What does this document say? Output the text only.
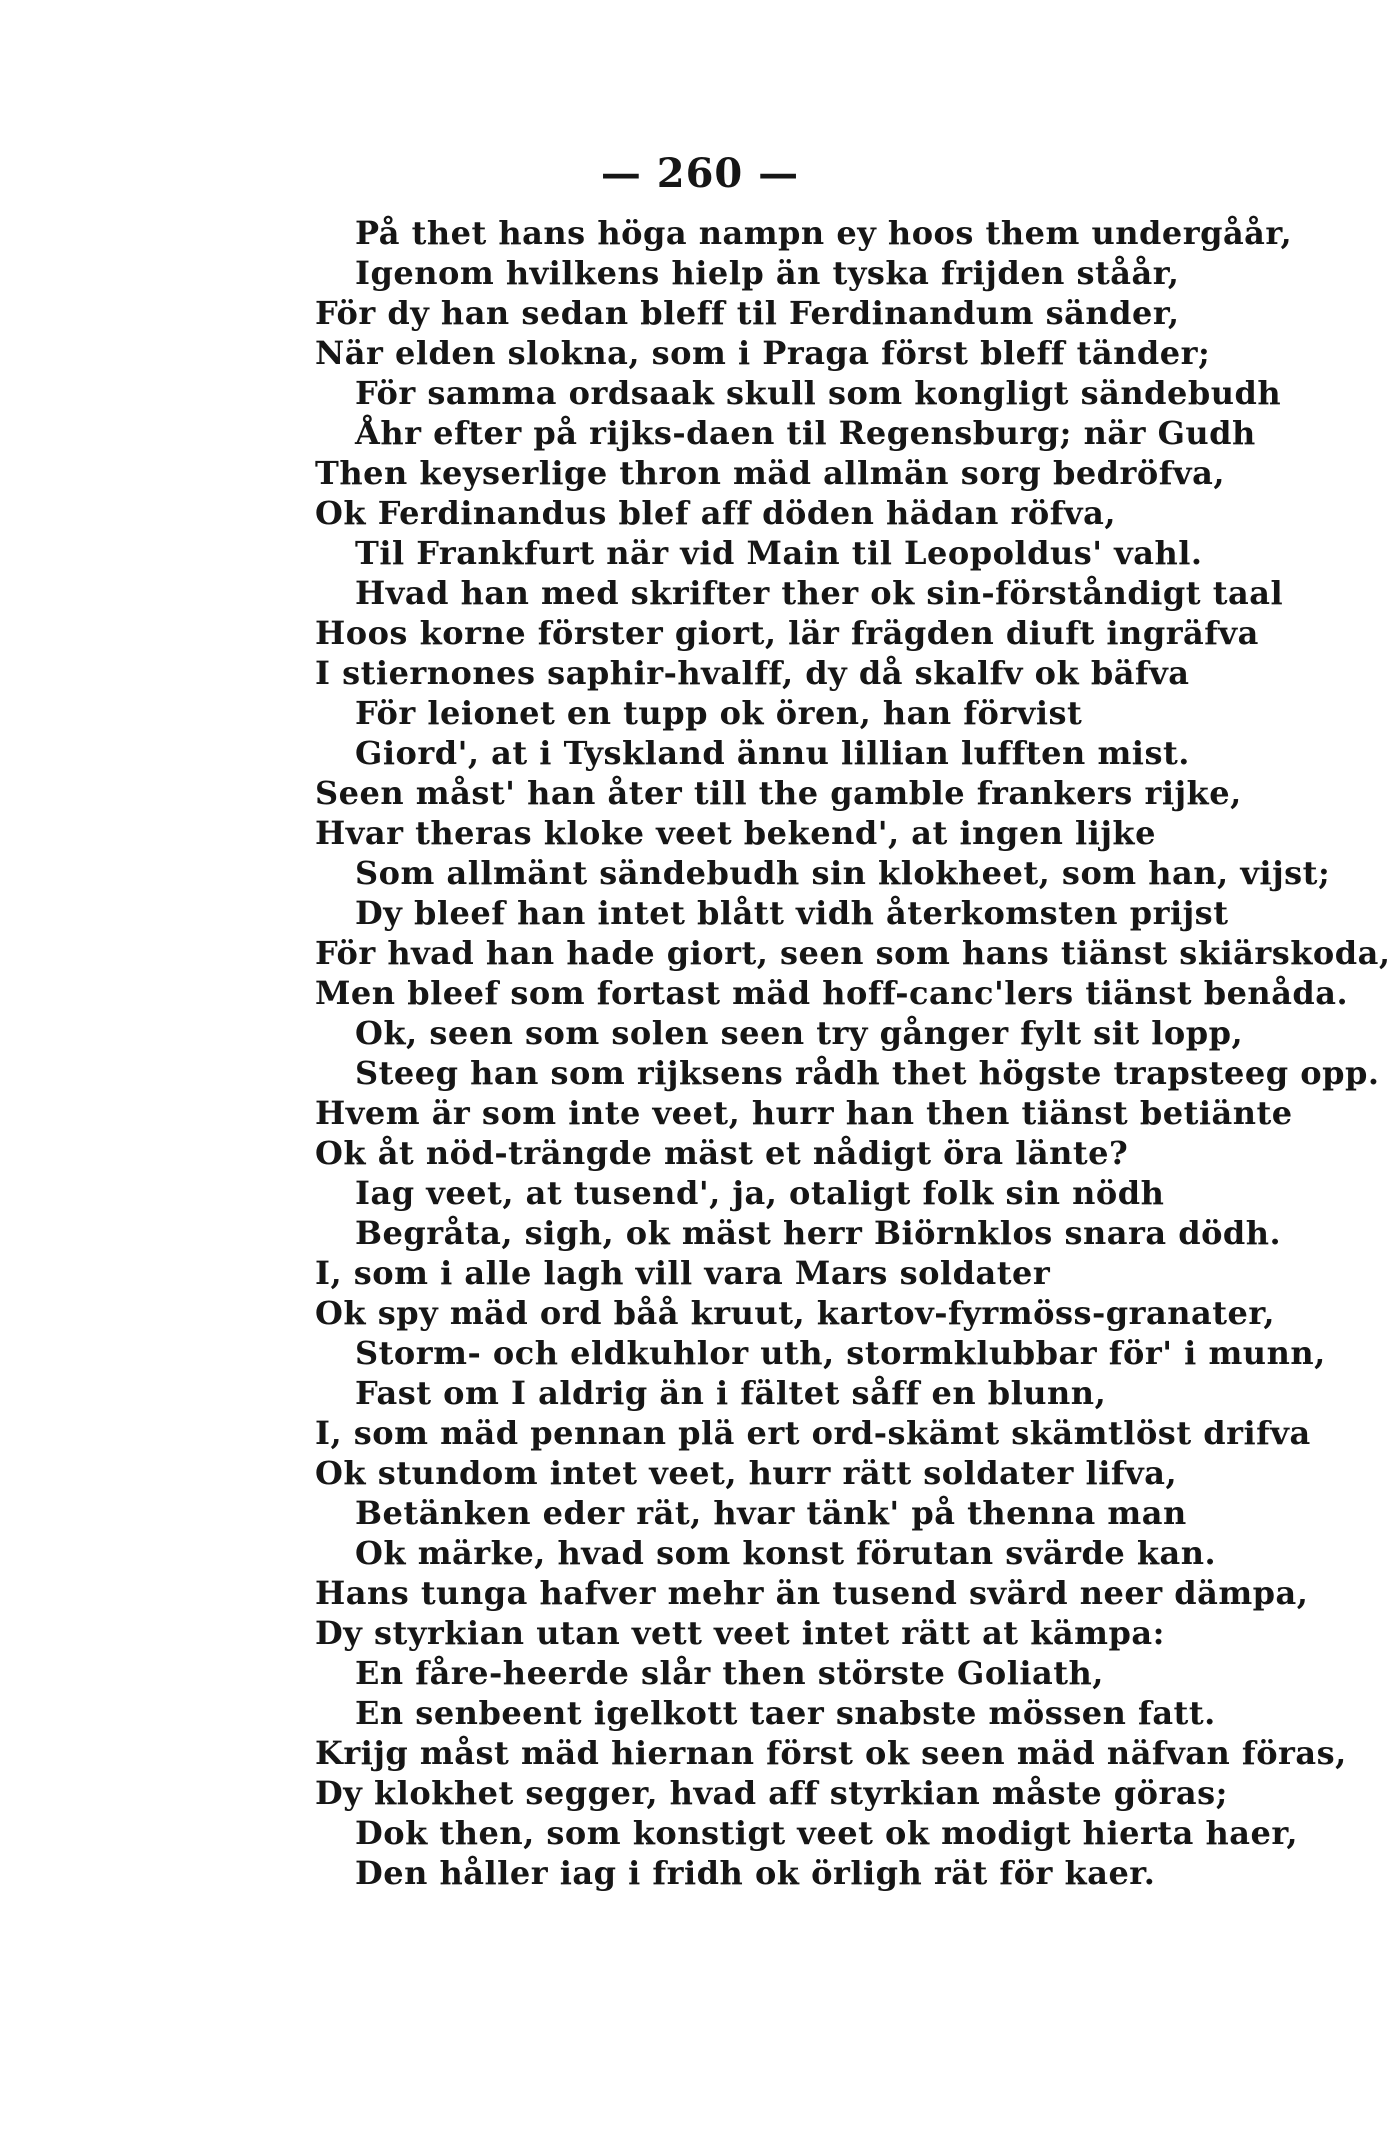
— 260 —
På thet hans höga nampn ey hoos them undergåår,
Igenom hvilkens hielp än tyska frijden ståår,
För dy han sedan bleff til Ferdinandum sänder,
När elden slokna, som i Praga först bleff tänder;
För samma ordsaak skull som kongligt sändebudh
Åhr efter på rijks-daen til Regensburg; när Gudh
Then keyserlige thron mäd allmän sorg bedröfva,
Ok Ferdinandus blef aff döden hädan röfva,
Til Frankfurt när vid Main til Leopoldus' vahl.
Hvad han med skrifter ther ok sin-förståndigt taal
Hoos korne förster giort, lär frägden diuft ingräfva
I stiernones saphir-hvalff, dy då skalfv ok bäfva
För leionet en tupp ok ören, han förvist
Giord', at i Tyskland ännu lillian lufften mist.
Seen måst' han åter till the gamble frankers rijke,
Hvar theras kloke veet bekend', at ingen lijke
Som allmänt sändebudh sin klokheet, som han, vijst;
Dy bleef han intet blått vidh återkomsten prijst
För hvad han hade giort, seen som hans tiänst skiärskoda,
Men bleef som fortast mäd hoff-canc'lers tiänst benåda.
Ok, seen som solen seen try gånger fylt sit lopp,
Steeg han som rijksens rådh thet högste trapsteeg opp.
Hvem är som inte veet, hurr han then tiänst betiänte
Ok åt nöd-trängde mäst et nådigt öra länte?
Iag veet, at tusend', ja, otaligt folk sin nödh
Begråta, sigh, ok mäst herr Biörnklos snara dödh.
I, som i alle lagh vill vara Mars soldater
Ok spy mäd ord båå kruut, kartov-fyrmöss-granater,
Storm- och eldkuhlor uth, stormklubbar för' i munn,
Fast om I aldrig än i fältet såff en blunn,
I, som mäd pennan plä ert ord-skämt skämtlöst drifva
Ok stundom intet veet, hurr rätt soldater lifva,
Betänken eder rät, hvar tänk' på thenna man
Ok märke, hvad som konst förutan svärde kan.
Hans tunga hafver mehr än tusend svärd neer dämpa,
Dy styrkian utan vett veet intet rätt at kämpa:
En fåre-heerde slår then störste Goliath,
En senbeent igelkott taer snabste mössen fatt.
Krijg måst mäd hiernan först ok seen mäd näfvan föras,
Dy klokhet segger, hvad aff styrkian måste göras;
Dok then, som konstigt veet ok modigt hierta haer,
Den håller iag i fridh ok örligh rät för kaer.
